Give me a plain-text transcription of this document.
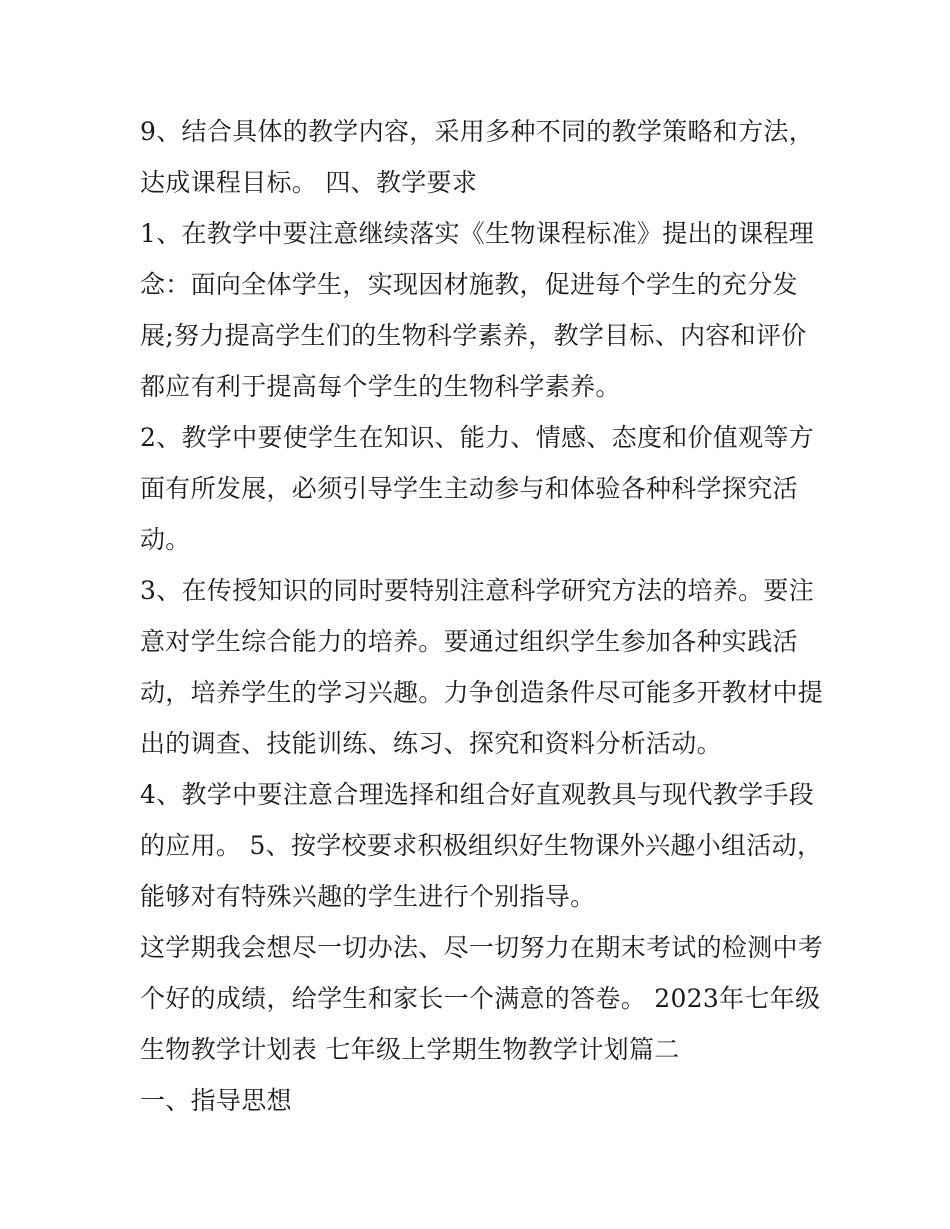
9、结合具体的教学内容，采用多种不同的教学策略和方法，达成课程目标。 四、教学要求

1、在教学中要注意继续落实《生物课程标准》提出的课程理念：面向全体学生，实现因材施教，促进每个学生的充分发展;努力提高学生们的生物科学素养，教学目标、内容和评价都应有利于提高每个学生的生物科学素养。

2、教学中要使学生在知识、能力、情感、态度和价值观等方面有所发展，必须引导学生主动参与和体验各种科学探究活动。

3、在传授知识的同时要特别注意科学研究方法的培养。要注意对学生综合能力的培养。要通过组织学生参加各种实践活动，培养学生的学习兴趣。力争创造条件尽可能多开教材中提出的调查、技能训练、练习、探究和资料分析活动。

4、教学中要注意合理选择和组合好直观教具与现代教学手段的应用。 5、按学校要求积极组织好生物课外兴趣小组活动，能够对有特殊兴趣的学生进行个别指导。

这学期我会想尽一切办法、尽一切努力在期末考试的检测中考个好的成绩，给学生和家长一个满意的答卷。 2023年七年级生物教学计划表 七年级上学期生物教学计划篇二

一、指导思想
